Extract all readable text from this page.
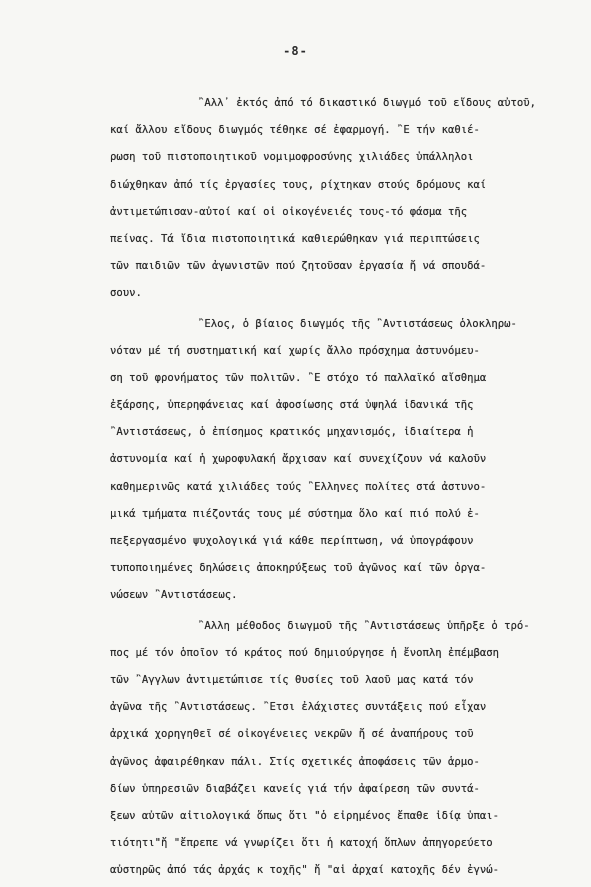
-8-
῍Αλλ᾽ ἐκτός ἀπό τό δικαστικό διωγμό τοῦ εἴδους αὐτοῦ,
καί ἄλλου εἴδους διωγμός τέθηκε σέ ἐφαρμογή. ῍Ε τήν καθιέ-
ρωση τοῦ πιστοποιητικοῦ νομιμοφροσύνης χιλιάδες ὑπάλληλοι
διώχθηκαν ἀπό τίς ἐργασίες τους, ρίχτηκαν στούς δρόμους καί
ἀντιμετώπισαν-αὐτοί καί οἱ οἰκογένειές τους-τό φάσμα τῆς
πείνας. Τά ἴδια πιστοποιητικά καθιερώθηκαν γιά περιπτώσεις
τῶν παιδιῶν τῶν ἀγωνιστῶν πού ζητοῦσαν ἐργασία ἤ νά σπουδά-
σουν.
῍Ελος, ὁ βίαιος διωγμός τῆς ῍Αντιστάσεως ὁλοκληρω-
νόταν μέ τή συστηματική καί χωρίς ἄλλο πρόσχημα ἀστυνόμευ-
ση τοῦ φρονήματος τῶν πολιτῶν. ῍Ε στόχο τό παλλαϊκό αἴσθημα
ἐξάρσης, ὑπερηφάνειας καί ἀφοσίωσης στά ὑψηλά ἰδανικά τῆς
῍Αντιστάσεως, ὁ ἐπίσημος κρατικός μηχανισμός, ἰδιαίτερα ἡ
ἀστυνομία καί ἡ χωροφυλακή ἄρχισαν καί συνεχίζουν νά καλοῦν
καθημερινῶς κατά χιλιάδες τούς ῍Ελληνες πολίτες στά ἀστυνο-
μικά τμήματα πιέζοντάς τους μέ σύστημα ὅλο καί πιό πολύ ἐ-
πεξεργασμένο ψυχολογικά γιά κάθε περίπτωση, νά ὑπογράφουν
τυποποιημένες δηλώσεις ἀποκηρύξεως τοῦ ἀγῶνος καί τῶν ὀργα-
νώσεων ῍Αντιστάσεως.
῍Αλλη μέθοδος διωγμοῦ τῆς ῍Αντιστάσεως ὑπῆρξε ὁ τρό-
πος μέ τόν ὁποῖον τό κράτος πού δημιούργησε ἡ ἔνοπλη ἐπέμβαση
τῶν ῍Αγγλων ἀντιμετώπισε τίς θυσίες τοῦ λαοῦ μας κατά τόν
ἀγῶνα τῆς ῍Αντιστάσεως. ῍Ετσι ἐλάχιστες συντάξεις πού εἶχαν
ἀρχικά χορηγηθεῖ σέ οἰκογένειες νεκρῶν ἤ σέ ἀναπήρους τοῦ
ἀγῶνος ἀφαιρέθηκαν πάλι. Στίς σχετικές ἀποφάσεις τῶν ἁρμο-
δίων ὑπηρεσιῶν διαβάζει κανείς γιά τήν ἀφαίρεση τῶν συντά-
ξεων αὐτῶν αἰτιολογικά ὅπως ὅτι "ὁ εἰρημένος ἔπαθε ἰδίᾳ ὑπαι-
τιότητι"ἤ "ἔπρεπε νά γνωρίζει ὅτι ἡ κατοχή ὅπλων ἀπηγορεύετο
αὐστηρῶς ἀπό τάς ἀρχάς κ τοχῆς" ἤ "αἱ ἀρχαί κατοχῆς δέν ἐγνώ-
